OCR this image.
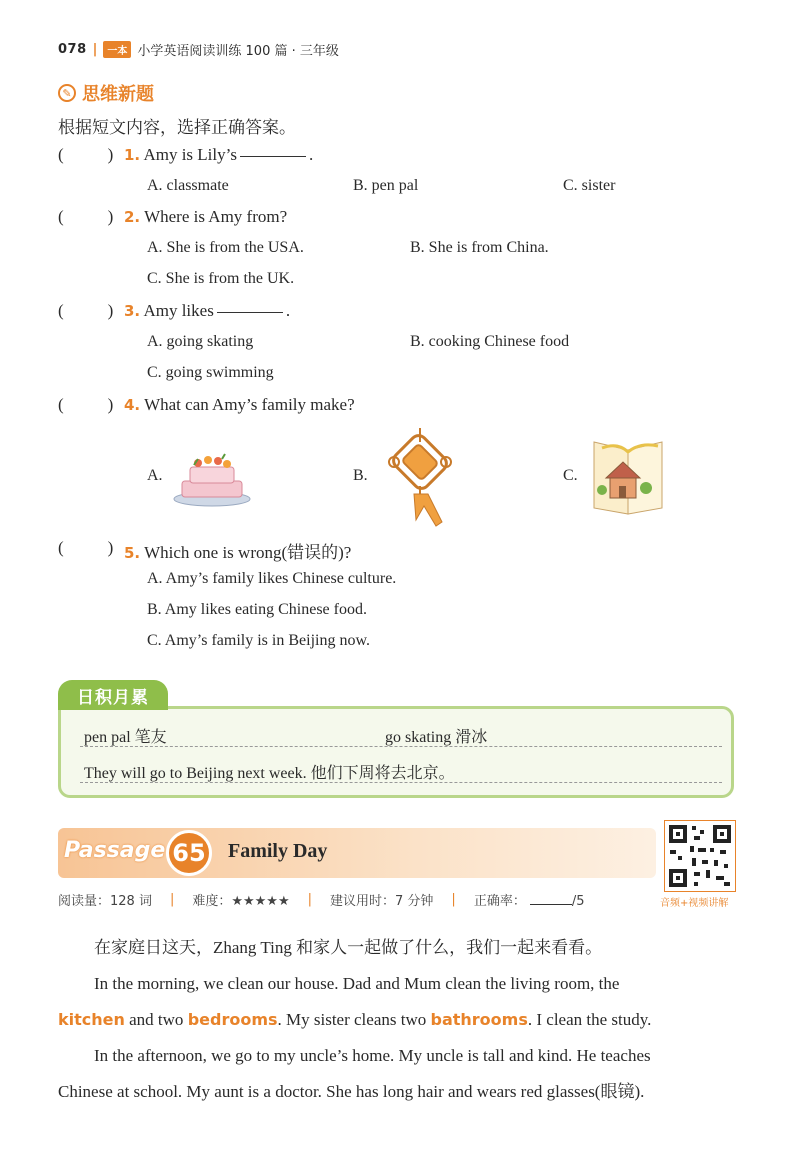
078 |	一本 小学英语阅读训练 100 篇 · 三年级
✎ 思维新题
根据短文内容，选择正确答案。
(	) 1. Amy is Lily’s	.
A. classmate	B. pen pal	C. sister
(	) 2. Where is Amy from?
A. She is from the USA.	B. She is from China.
C. She is from the UK.
(	) 3. Amy likes	.
A. going skating	B. cooking Chinese food
C. going swimming
(	) 4. What can Amy’s family make?
A.	B.	C.
(	) 5. Which one is wrong(错误的)?
A. Amy’s family likes Chinese culture.
B. Amy likes eating Chinese food.
C. Amy’s family is in Beijing now.
日积月累
pen pal 笔友	go skating 滑冰
They will go to Beijing next week. 他们下周将去北京。
Passage 65	Family Day
音频+视频讲解
阅读量：128 词 | 难度：★★★★★ | 建议用时：7 分钟 | 正确率：	/5
在家庭日这天，Zhang Ting 和家人一起做了什么，我们一起来看看。
In the morning, we clean our house. Dad and Mum clean the living room, the
kitchen and two bedrooms. My sister cleans two bathrooms. I clean the study.
In the afternoon, we go to my uncle’s home. My uncle is tall and kind. He teaches
Chinese at school. My aunt is a doctor. She has long hair and wears red glasses(眼镜).
